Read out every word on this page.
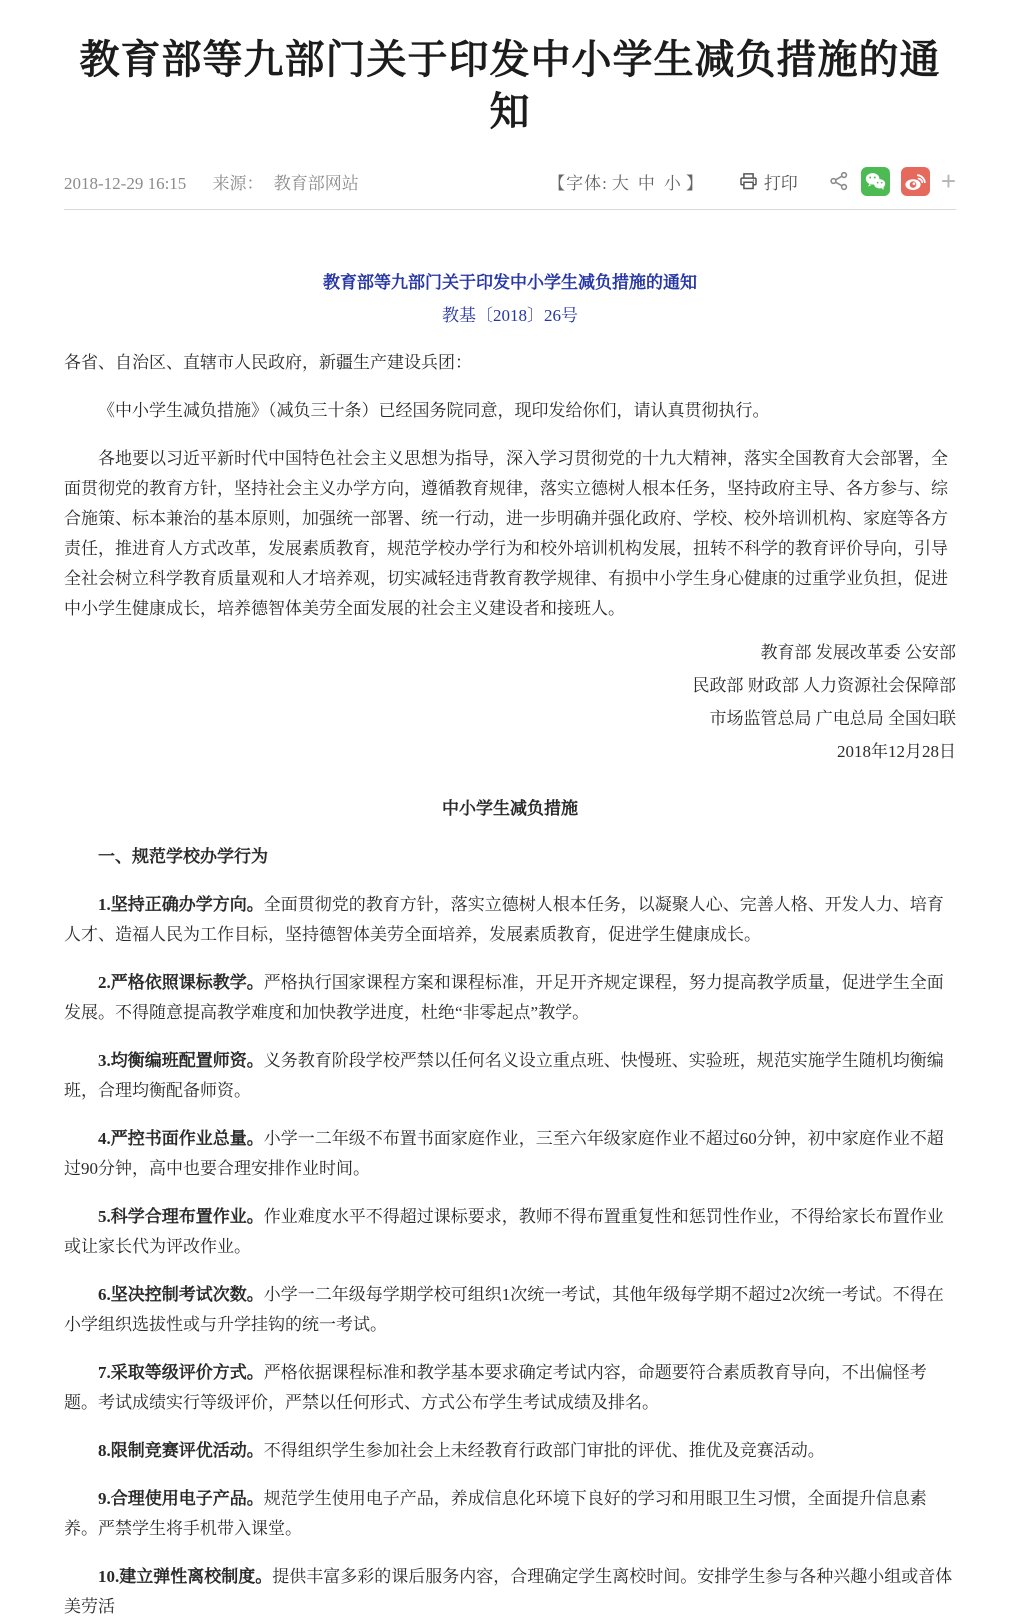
教育部等九部门关于印发中小学生减负措施的通知
2018-12-29 16:15 来源： 教育部网站	【字体: 大 中 小 】	打印	+

教育部等九部门关于印发中小学生减负措施的通知

教基〔2018〕26号

各省、自治区、直辖市人民政府，新疆生产建设兵团：

《中小学生减负措施》（减负三十条）已经国务院同意，现印发给你们，请认真贯彻执行。

各地要以习近平新时代中国特色社会主义思想为指导，深入学习贯彻党的十九大精神，落实全国教育大会部署，全面贯彻党的教育方针，坚持社会主义办学方向，遵循教育规律，落实立德树人根本任务，坚持政府主导、各方参与、综合施策、标本兼治的基本原则，加强统一部署、统一行动，进一步明确并强化政府、学校、校外培训机构、家庭等各方责任，推进育人方式改革，发展素质教育，规范学校办学行为和校外培训机构发展，扭转不科学的教育评价导向，引导全社会树立科学教育质量观和人才培养观，切实减轻违背教育教学规律、有损中小学生身心健康的过重学业负担，促进中小学生健康成长，培养德智体美劳全面发展的社会主义建设者和接班人。

教育部 发展改革委 公安部

民政部 财政部 人力资源社会保障部

市场监管总局 广电总局 全国妇联

2018年12月28日

中小学生减负措施

一、规范学校办学行为

1.坚持正确办学方向。全面贯彻党的教育方针，落实立德树人根本任务，以凝聚人心、完善人格、开发人力、培育人才、造福人民为工作目标，坚持德智体美劳全面培养，发展素质教育，促进学生健康成长。

2.严格依照课标教学。严格执行国家课程方案和课程标准，开足开齐规定课程，努力提高教学质量，促进学生全面发展。不得随意提高教学难度和加快教学进度，杜绝“非零起点”教学。

3.均衡编班配置师资。义务教育阶段学校严禁以任何名义设立重点班、快慢班、实验班，规范实施学生随机均衡编班，合理均衡配备师资。

4.严控书面作业总量。小学一二年级不布置书面家庭作业，三至六年级家庭作业不超过60分钟，初中家庭作业不超过90分钟，高中也要合理安排作业时间。

5.科学合理布置作业。作业难度水平不得超过课标要求，教师不得布置重复性和惩罚性作业，不得给家长布置作业或让家长代为评改作业。

6.坚决控制考试次数。小学一二年级每学期学校可组织1次统一考试，其他年级每学期不超过2次统一考试。不得在小学组织选拔性或与升学挂钩的统一考试。

7.采取等级评价方式。严格依据课程标准和教学基本要求确定考试内容，命题要符合素质教育导向，不出偏怪考题。考试成绩实行等级评价，严禁以任何形式、方式公布学生考试成绩及排名。

8.限制竞赛评优活动。不得组织学生参加社会上未经教育行政部门审批的评优、推优及竞赛活动。

9.合理使用电子产品。规范学生使用电子产品，养成信息化环境下良好的学习和用眼卫生习惯，全面提升信息素养。严禁学生将手机带入课堂。

10.建立弹性离校制度。提供丰富多彩的课后服务内容，合理确定学生离校时间。安排学生参与各种兴趣小组或音体美劳活
